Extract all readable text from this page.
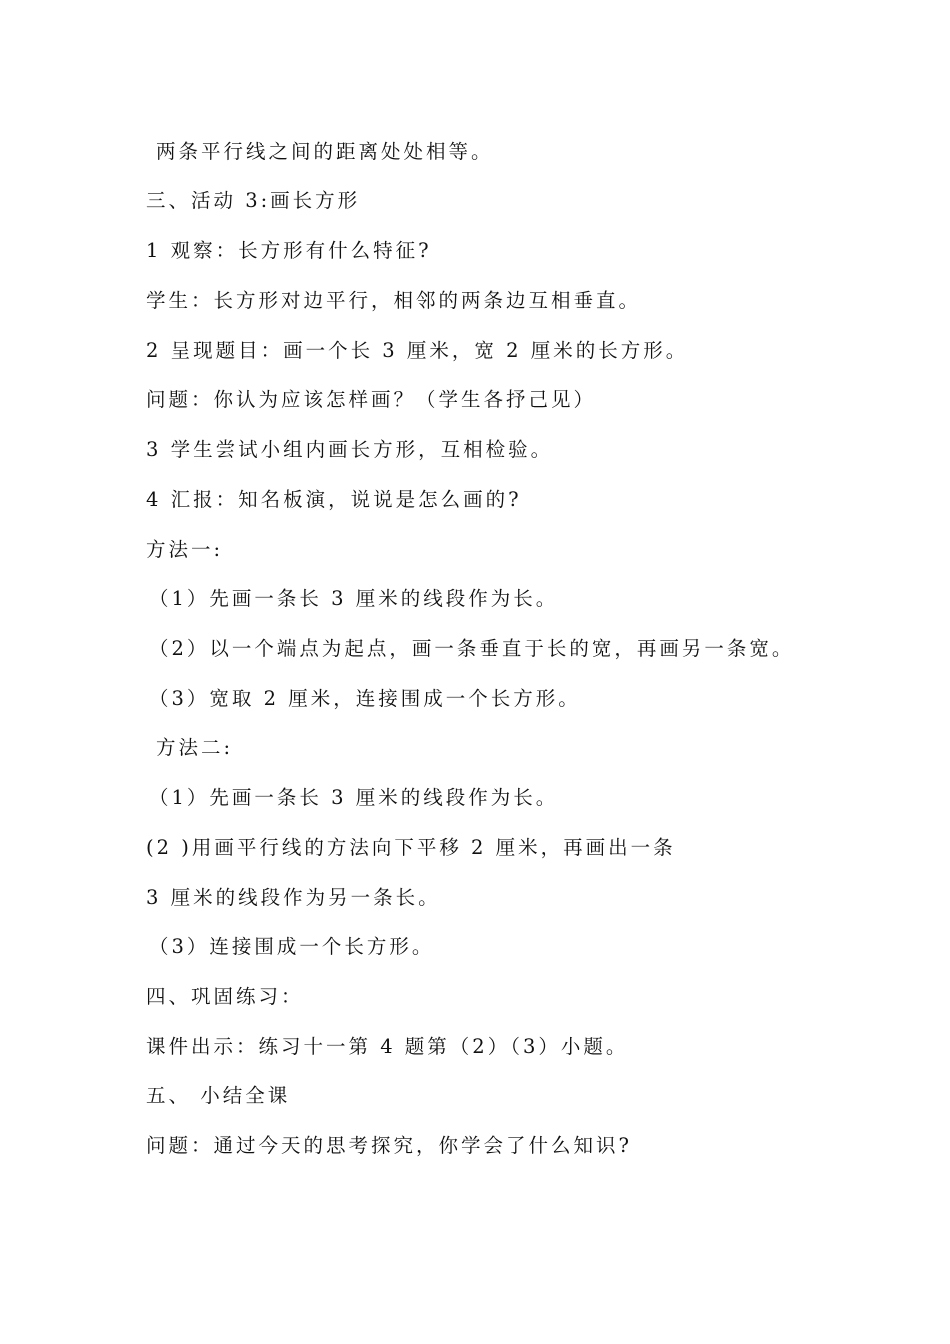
两条平行线之间的距离处处相等。
三、活动 3:画长方形
1 观察：长方形有什么特征?
学生：长方形对边平行，相邻的两条边互相垂直。
2 呈现题目：画一个长 3 厘米，宽 2 厘米的长方形。
问题：你认为应该怎样画？（学生各抒己见）
3 学生尝试小组内画长方形，互相检验。
4 汇报：知名板演，说说是怎么画的?
方法一:
（1）先画一条长 3 厘米的线段作为长。
（2）以一个端点为起点，画一条垂直于长的宽，再画另一条宽。
（3）宽取 2 厘米，连接围成一个长方形。
方法二:
（1）先画一条长 3 厘米的线段作为长。
(2 )用画平行线的方法向下平移 2 厘米，再画出一条
3 厘米的线段作为另一条长。
（3）连接围成一个长方形。
四、巩固练习：
课件出示：练习十一第 4 题第（2）（3）小题。
五、 小结全课
问题：通过今天的思考探究，你学会了什么知识?
